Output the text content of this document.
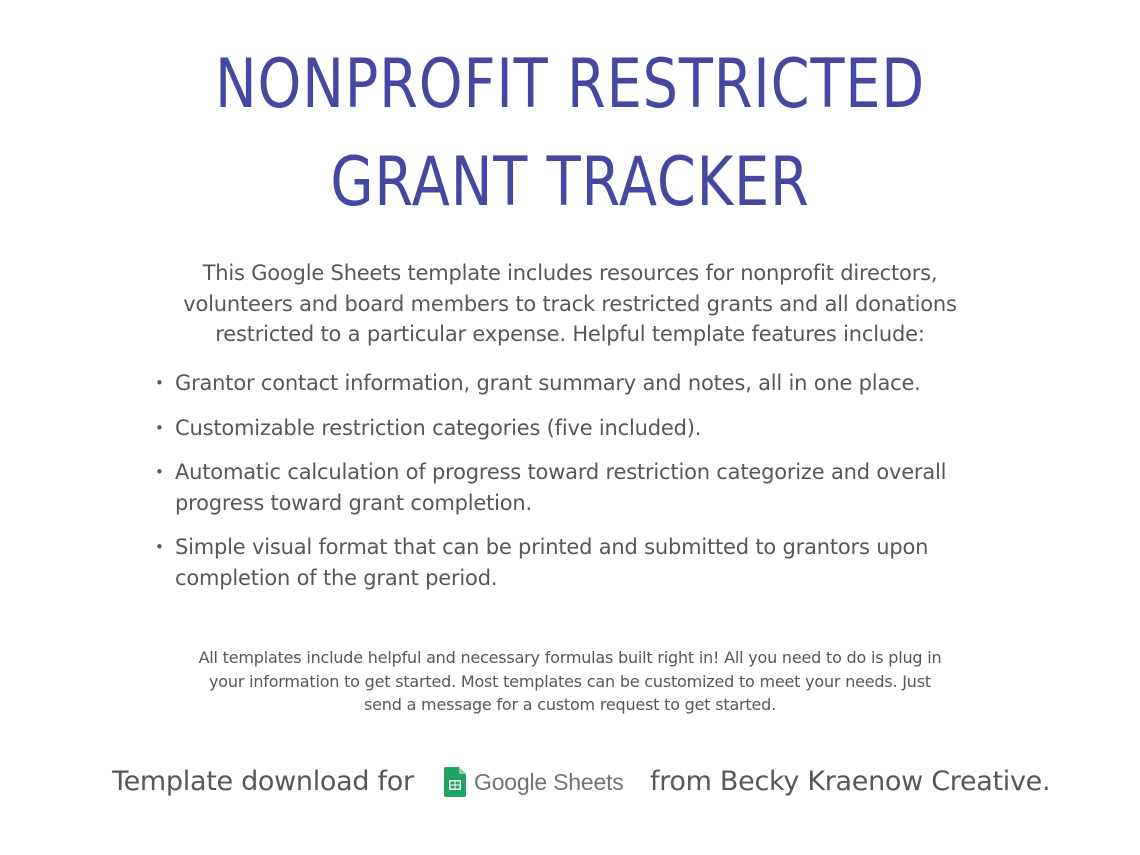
NONPROFIT RESTRICTED
GRANT TRACKER

This Google Sheets template includes resources for nonprofit directors, volunteers and board members to track restricted grants and all donations restricted to a particular expense. Helpful template features include:

• Grantor contact information, grant summary and notes, all in one place.
• Customizable restriction categories (five included).
• Automatic calculation of progress toward restriction categorize and overall progress toward grant completion.
• Simple visual format that can be printed and submitted to grantors upon completion of the grant period.

All templates include helpful and necessary formulas built right in! All you need to do is plug in your information to get started. Most templates can be customized to meet your needs. Just send a message for a custom request to get started.

Template download for	Google Sheets from Becky Kraenow Creative.
